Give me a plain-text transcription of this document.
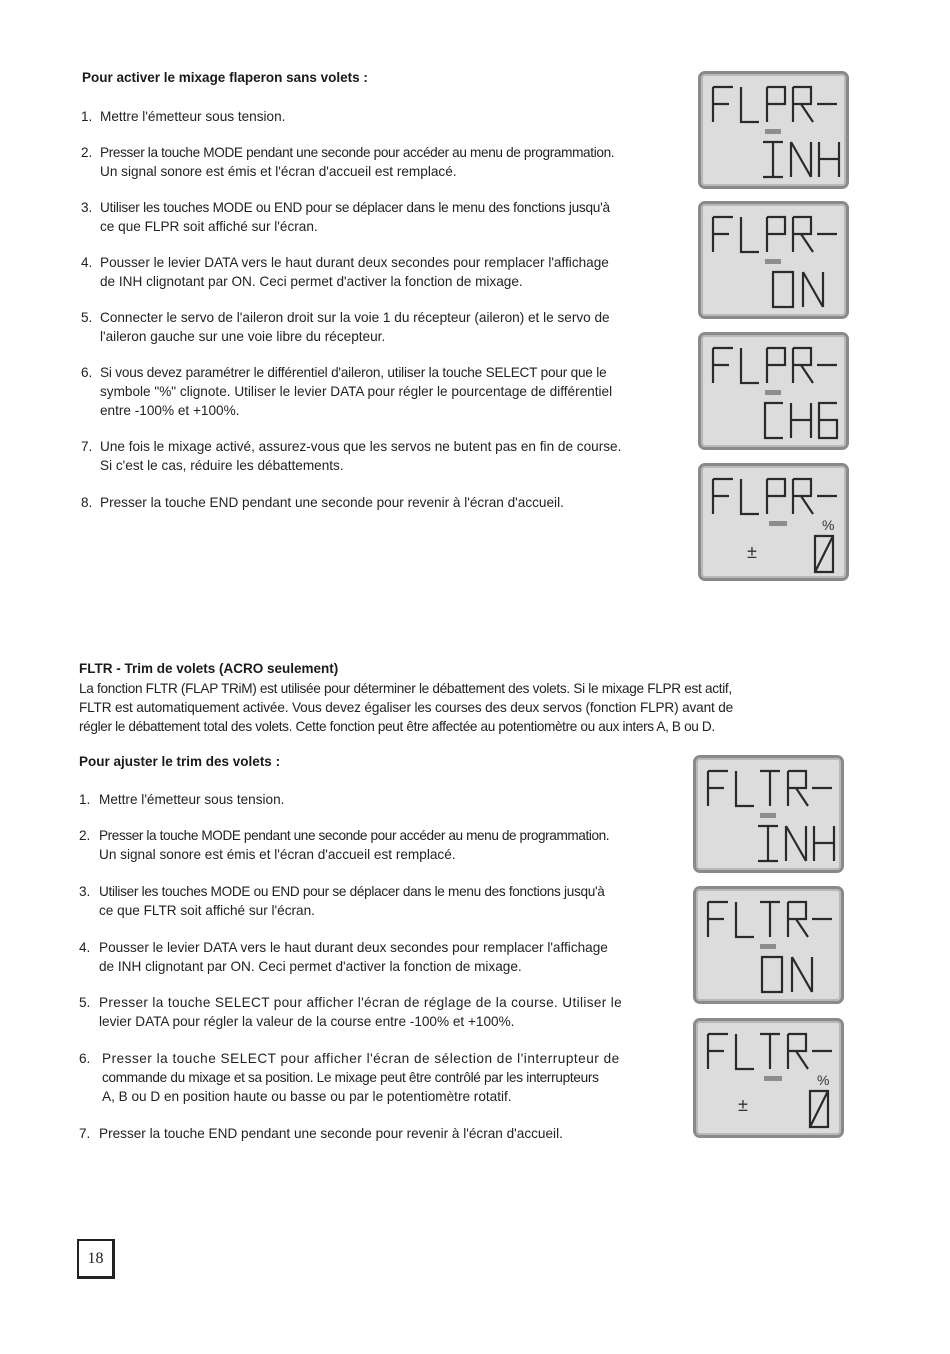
Pour activer le mixage flaperon sans volets :
1. Mettre l'émetteur sous tension.
2. Presser la touche MODE pendant une seconde pour accéder au menu de programmation.
Un signal sonore est émis et l'écran d'accueil est remplacé.
3. Utiliser les touches MODE ou END pour se déplacer dans le menu des fonctions jusqu'à
ce que FLPR soit affiché sur l'écran.
4. Pousser le levier DATA vers le haut durant deux secondes pour remplacer l'affichage
de INH clignotant par ON. Ceci permet d'activer la fonction de mixage.
5. Connecter le servo de l'aileron droit sur la voie 1 du récepteur (aileron) et le servo de
l'aileron gauche sur une voie libre du récepteur.
6. Si vous devez paramétrer le différentiel d'aileron, utiliser la touche SELECT pour que le
symbole "%" clignote. Utiliser le levier DATA pour régler le pourcentage de différentiel
entre -100% et +100%.
7. Une fois le mixage activé, assurez-vous que les servos ne butent pas en fin de course.
Si c'est le cas, réduire les débattements.
8. Presser la touche END pendant une seconde pour revenir à l'écran d'accueil.
%
±
FLTR - Trim de volets (ACRO seulement)
La fonction FLTR (FLAP TRiM) est utilisée pour déterminer le débattement des volets. Si le mixage FLPR est actif,
FLTR est automatiquement activée. Vous devez égaliser les courses des deux servos (fonction FLPR) avant de
régler le débattement total des volets. Cette fonction peut être affectée au potentiomètre ou aux inters A, B ou D.
Pour ajuster le trim des volets :
1. Mettre l'émetteur sous tension.
2. Presser la touche MODE pendant une seconde pour accéder au menu de programmation.
Un signal sonore est émis et l'écran d'accueil est remplacé.
3. Utiliser les touches MODE ou END pour se déplacer dans le menu des fonctions jusqu'à
ce que FLTR soit affiché sur l'écran.
4. Pousser le levier DATA vers le haut durant deux secondes pour remplacer l'affichage
de INH clignotant par ON. Ceci permet d'activer la fonction de mixage.
5. Presser la touche SELECT pour afficher l'écran de réglage de la course. Utiliser le
levier DATA pour régler la valeur de la course entre -100% et +100%.
6. Presser la touche SELECT pour afficher l'écran de sélection de l'interrupteur de
commande du mixage et sa position. Le mixage peut être contrôlé par les interrupteurs
A, B ou D en position haute ou basse ou par le potentiomètre rotatif.
7. Presser la touche END pendant une seconde pour revenir à l'écran d'accueil.
%
±
18
